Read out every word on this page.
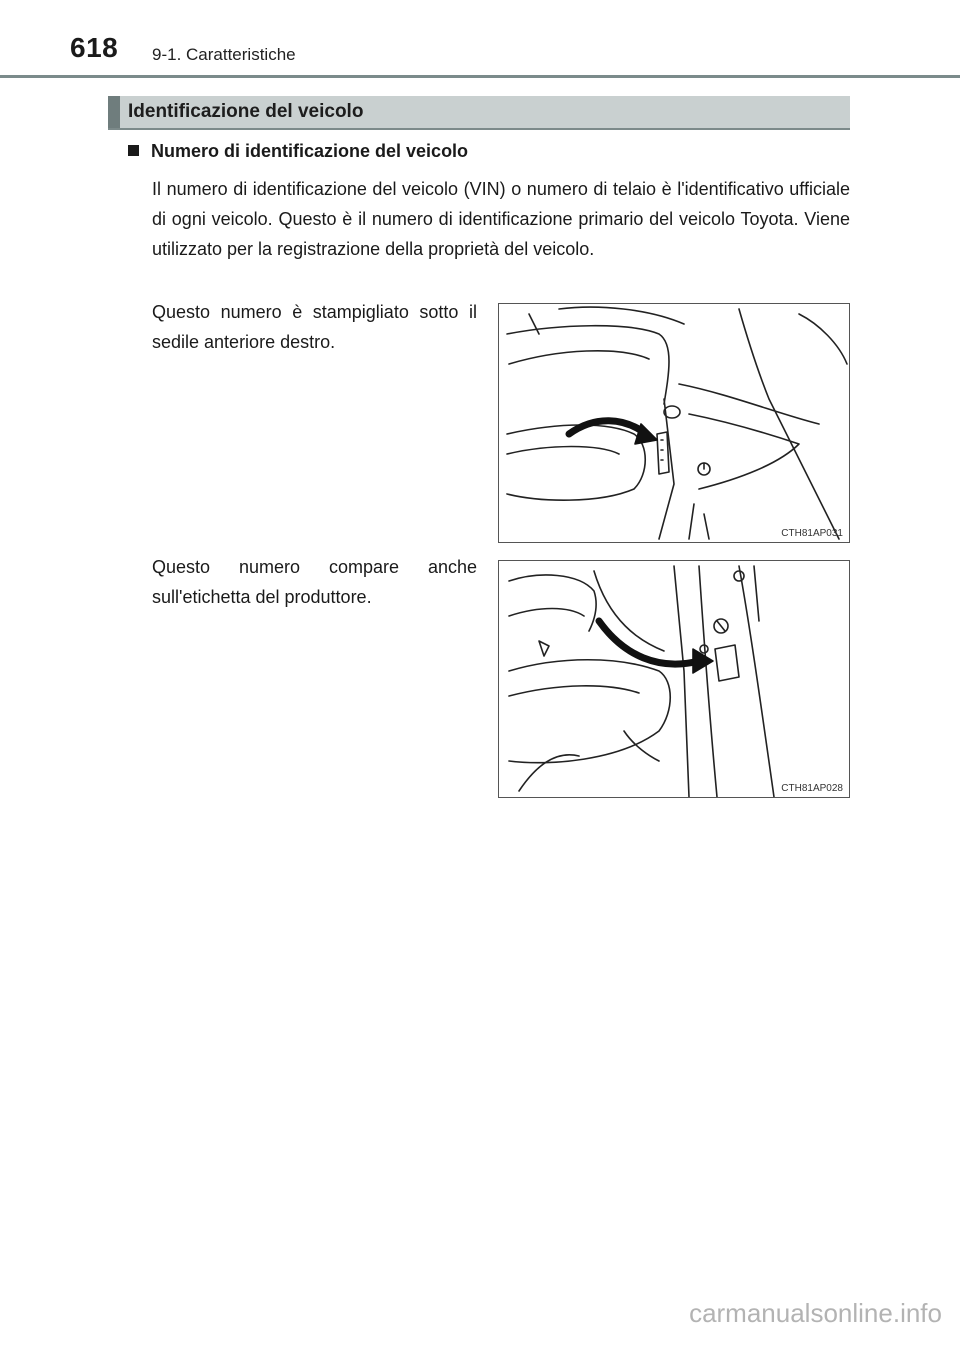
618 9-1. Caratteristiche
Identificazione del veicolo
Numero di identificazione del veicolo
Il numero di identificazione del veicolo (VIN) o numero di telaio è l'identificativo ufficiale di ogni veicolo. Questo è il numero di identificazione primario del veicolo Toyota. Viene utilizzato per la registrazione della proprietà del veicolo.
Questo numero è stampigliato sotto il sedile anteriore destro.
Questo numero compare anche sull'etichetta del produttore.
CTH81AP031
CTH81AP028
carmanualsonline.info
